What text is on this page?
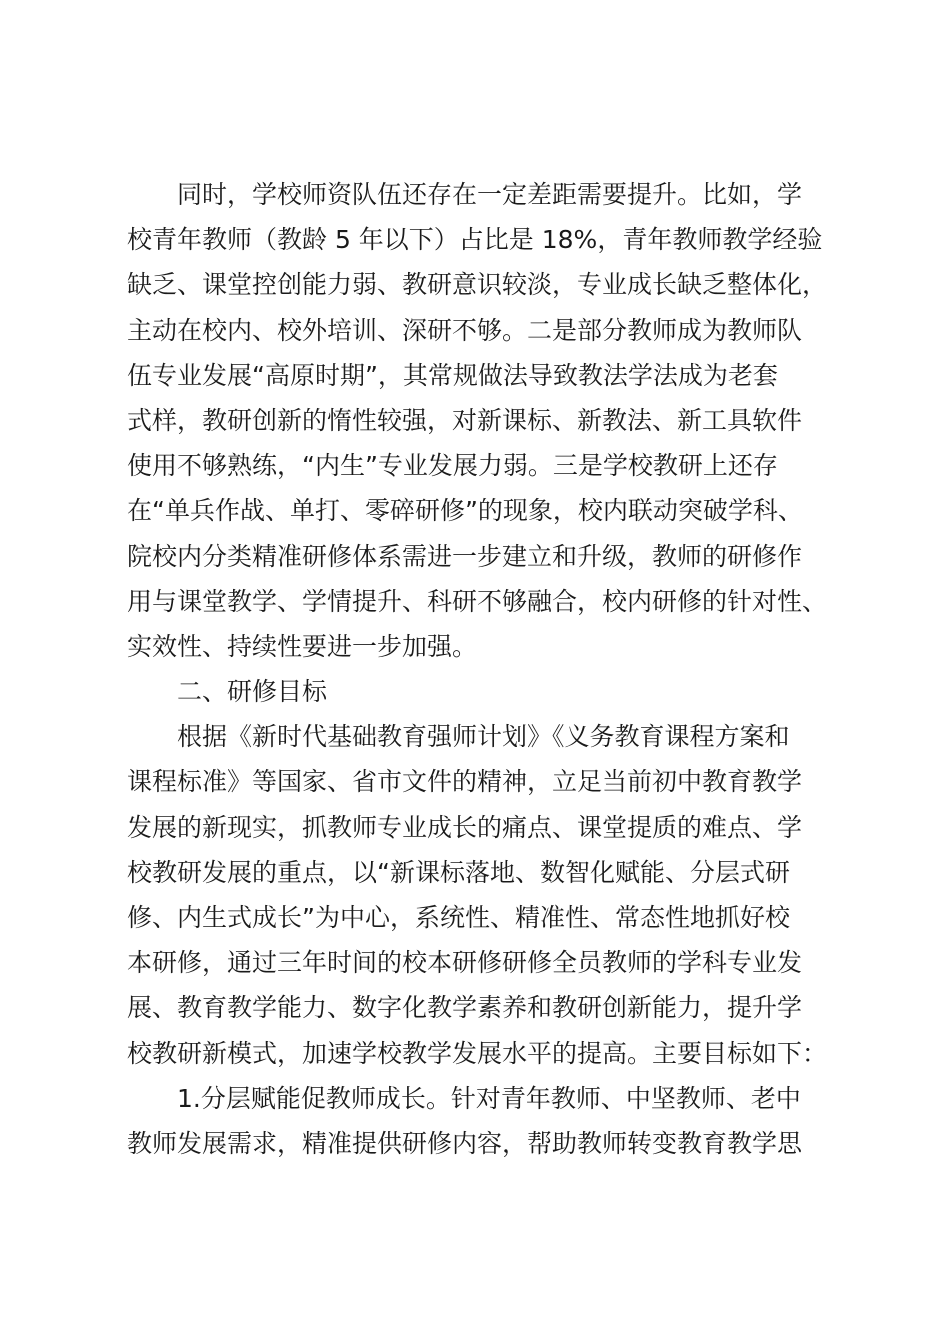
同时，学校师资队伍还存在一定差距需要提升。比如，学
校青年教师（教龄 5 年以下）占比是 18%，青年教师教学经验
缺乏、课堂控创能力弱、教研意识较淡，专业成长缺乏整体化，
主动在校内、校外培训、深研不够。二是部分教师成为教师队
伍专业发展“高原时期”，其常规做法导致教法学法成为老套
式样，教研创新的惰性较强，对新课标、新教法、新工具软件
使用不够熟练，“内生”专业发展力弱。三是学校教研上还存
在“单兵作战、单打、零碎研修”的现象，校内联动突破学科、
院校内分类精准研修体系需进一步建立和升级，教师的研修作
用与课堂教学、学情提升、科研不够融合，校内研修的针对性、
实效性、持续性要进一步加强。
二、研修目标
根据《新时代基础教育强师计划》《义务教育课程方案和
课程标准》等国家、省市文件的精神，立足当前初中教育教学
发展的新现实，抓教师专业成长的痛点、课堂提质的难点、学
校教研发展的重点，以“新课标落地、数智化赋能、分层式研
修、内生式成长”为中心，系统性、精准性、常态性地抓好校
本研修，通过三年时间的校本研修研修全员教师的学科专业发
展、教育教学能力、数字化教学素养和教研创新能力，提升学
校教研新模式，加速学校教学发展水平的提高。主要目标如下：
1.分层赋能促教师成长。针对青年教师、中坚教师、老中
教师发展需求，精准提供研修内容，帮助教师转变教育教学思
